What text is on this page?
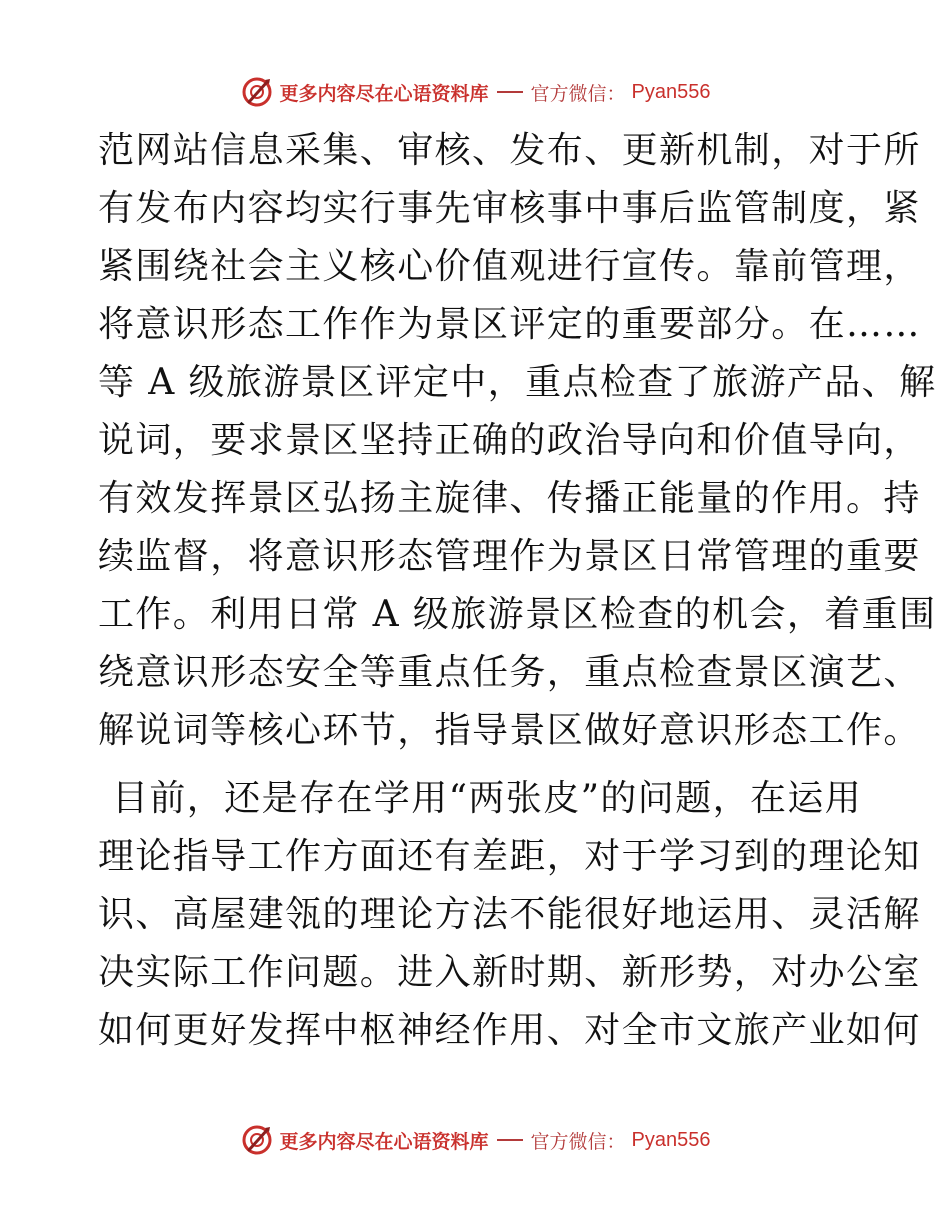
更多内容尽在心语资料库 官方微信： Pyan556

范网站信息采集、审核、发布、更新机制，对于所
有发布内容均实行事先审核事中事后监管制度，紧
紧围绕社会主义核心价值观进行宣传。靠前管理，
将意识形态工作作为景区评定的重要部分。在……
等 A 级旅游景区评定中，重点检查了旅游产品、解
说词，要求景区坚持正确的政治导向和价值导向，
有效发挥景区弘扬主旋律、传播正能量的作用。持
续监督，将意识形态管理作为景区日常管理的重要
工作。利用日常 A 级旅游景区检查的机会，着重围
绕意识形态安全等重点任务，重点检查景区演艺、
解说词等核心环节，指导景区做好意识形态工作。

目前，还是存在学用“两张皮”的问题，在运用
理论指导工作方面还有差距，对于学习到的理论知
识、高屋建瓴的理论方法不能很好地运用、灵活解
决实际工作问题。进入新时期、新形势，对办公室
如何更好发挥中枢神经作用、对全市文旅产业如何

更多内容尽在心语资料库 官方微信： Pyan556
